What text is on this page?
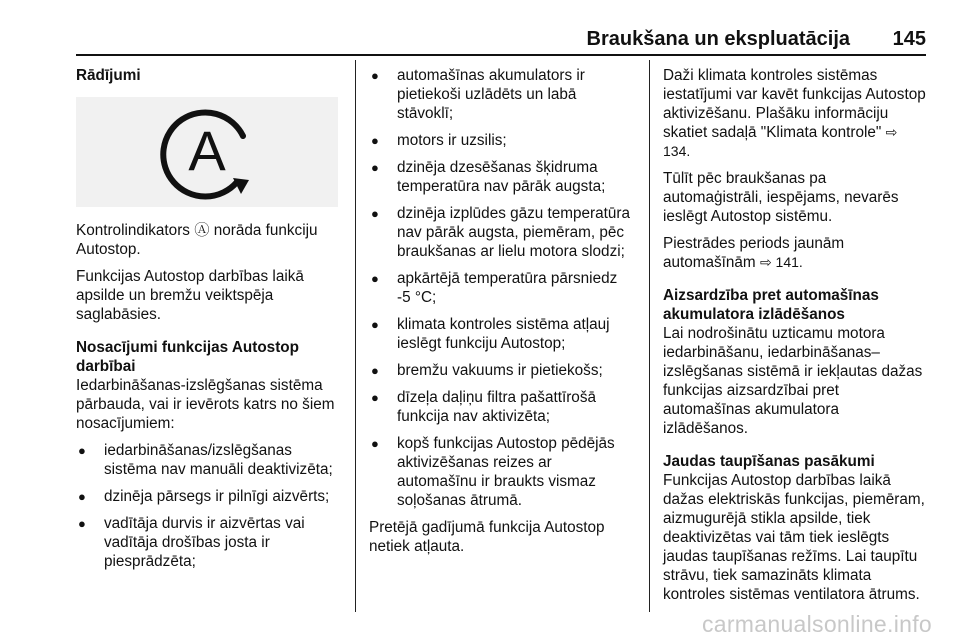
Braukšana un ekspluatācija 145
Rādījumi
A

Kontrolindikators Ⓐ norāda funkciju Autostop.

Funkcijas Autostop darbības laikā apsilde un bremžu veiktspēja saglabāsies.

Nosacījumi funkcijas Autostop darbībai

Iedarbināšanas-izslēgšanas sistēma pārbauda, vai ir ievērots katrs no šiem nosacījumiem:

● iedarbināšanas/izslēgšanas sistēma nav manuāli deaktivizēta;
● dzinēja pārsegs ir pilnīgi aizvērts;
● vadītāja durvis ir aizvērtas vai vadītāja drošības josta ir piesprādzēta;
● automašīnas akumulators ir pietiekoši uzlādēts un labā stāvoklī;
● motors ir uzsilis;
● dzinēja dzesēšanas šķidruma temperatūra nav pārāk augsta;
● dzinēja izplūdes gāzu temperatūra nav pārāk augsta, piemēram, pēc braukšanas ar lielu motora slodzi;
● apkārtējā temperatūra pārsniedz -5 °C;
● klimata kontroles sistēma atļauj ieslēgt funkciju Autostop;
● bremžu vakuums ir pietiekošs;
● dīzeļa daļiņu filtra pašattīrošā funkcija nav aktivizēta;
● kopš funkcijas Autostop pēdējās aktivizēšanas reizes ar automašīnu ir braukts vismaz soļošanas ātrumā.

Pretējā gadījumā funkcija Autostop netiek atļauta.

Daži klimata kontroles sistēmas iestatījumi var kavēt funkcijas Autostop aktivizēšanu. Plašāku informāciju skatiet sadaļā "Klimata kontrole" ⇨ 134.

Tūlīt pēc braukšanas pa automaģistrāli, iespējams, nevarēs ieslēgt Autostop sistēmu.

Piestrādes periods jaunām automašīnām ⇨ 141.

Aizsardzība pret automašīnas akumulatora izlādēšanos

Lai nodrošinātu uzticamu motora iedarbināšanu, iedarbināšanas–izslēgšanas sistēmā ir iekļautas dažas funkcijas aizsardzībai pret automašīnas akumulatora izlādēšanos.

Jaudas taupīšanas pasākumi

Funkcijas Autostop darbības laikā dažas elektriskās funkcijas, piemēram, aizmugurējā stikla apsilde, tiek deaktivizētas vai tām tiek ieslēgts jaudas taupīšanas režīms. Lai taupītu strāvu, tiek samazināts klimata kontroles sistēmas ventilatora ātrums.

carmanualsonline.info
